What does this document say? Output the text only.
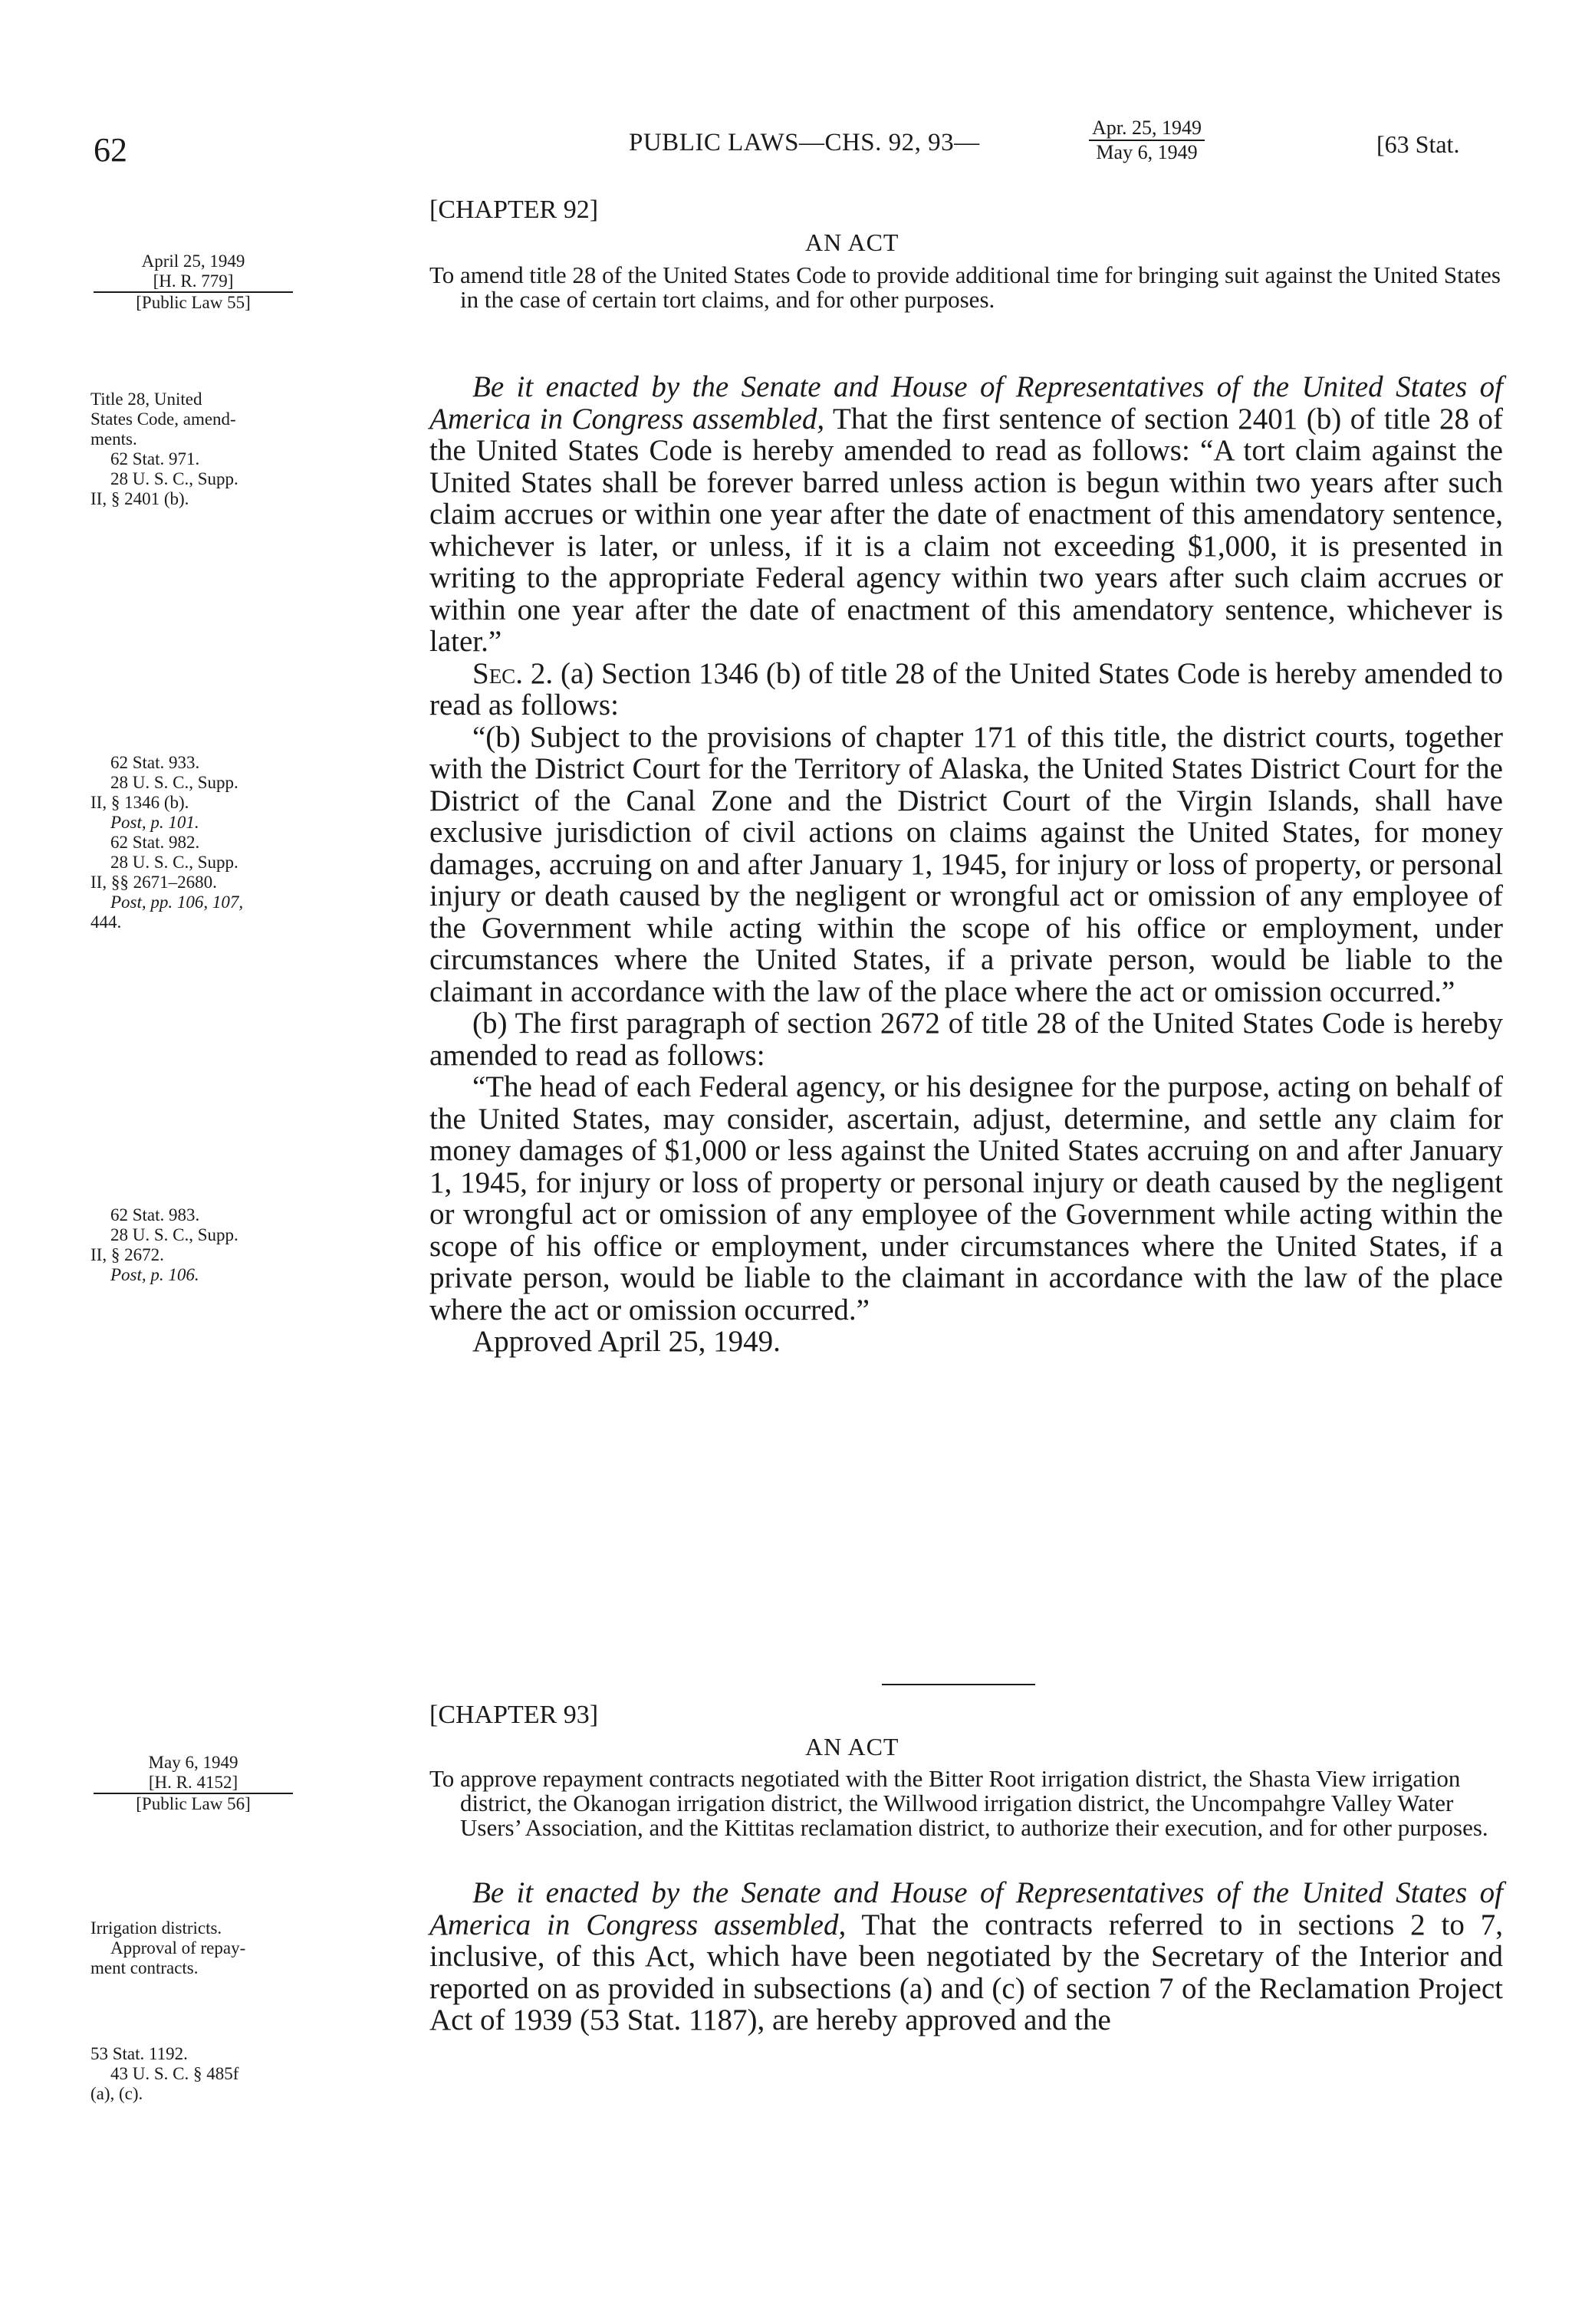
62	PUBLIC LAWS—CHS. 92, 93—
Apr. 25, 1949
May 6, 1949	[63 Stat.
[CHAPTER 92]
AN ACT
April 25, 1949
[H. R. 779]
[Public Law 55]
To amend title 28 of the United States Code to provide additional time for bringing suit against the United States in the case of certain tort claims, and for other purposes.

Title 28, United

States Code, amend-

ments.

62 Stat. 971.

28 U. S. C., Supp.

II, § 2401 (b).

Be it enacted by the Senate and House of Representatives of the United States of America in Congress assembled, That the first sentence of section 2401 (b) of title 28 of the United States Code is hereby amended to read as follows: “A tort claim against the United States shall be forever barred unless action is begun within two years after such claim accrues or within one year after the date of enactment of this amendatory sentence, whichever is later, or unless, if it is a claim not exceeding $1,000, it is presented in writing to the appropriate Federal agency within two years after such claim accrues or within one year after the date of enactment of this amendatory sentence, whichever is later.”

Sec. 2. (a) Section 1346 (b) of title 28 of the United States Code is hereby amended to read as follows:

“(b) Subject to the provisions of chapter 171 of this title, the district courts, together with the District Court for the Territory of Alaska, the United States District Court for the District of the Canal Zone and the District Court of the Virgin Islands, shall have exclusive jurisdiction of civil actions on claims against the United States, for money damages, accruing on and after January 1, 1945, for injury or loss of property, or personal injury or death caused by the negligent or wrongful act or omission of any employee of the Government while acting within the scope of his office or employment, under circumstances where the United States, if a private person, would be liable to the claimant in accordance with the law of the place where the act or omission occurred.”

(b) The first paragraph of section 2672 of title 28 of the United States Code is hereby amended to read as follows:

“The head of each Federal agency, or his designee for the purpose, acting on behalf of the United States, may consider, ascertain, adjust, determine, and settle any claim for money damages of $1,000 or less against the United States accruing on and after January 1, 1945, for injury or loss of property or personal injury or death caused by the negligent or wrongful act or omission of any employee of the Government while acting within the scope of his office or employment, under circumstances where the United States, if a private person, would be liable to the claimant in accordance with the law of the place where the act or omission occurred.”

Approved April 25, 1949.

62 Stat. 933.

28 U. S. C., Supp.

II, § 1346 (b).

Post, p. 101.

62 Stat. 982.

28 U. S. C., Supp.

II, §§ 2671–2680.

Post, pp. 106, 107,

444.

62 Stat. 983.

28 U. S. C., Supp.

II, § 2672.

Post, p. 106.

[CHAPTER 93]
AN ACT
May 6, 1949
[H. R. 4152]
[Public Law 56]
To approve repayment contracts negotiated with the Bitter Root irrigation district, the Shasta View irrigation district, the Okanogan irrigation district, the Willwood irrigation district, the Uncompahgre Valley Water Users’ Association, and the Kittitas reclamation district, to authorize their execution, and for other purposes.

Irrigation districts.

Approval of repay-

ment contracts.

Be it enacted by the Senate and House of Representatives of the United States of America in Congress assembled, That the contracts referred to in sections 2 to 7, inclusive, of this Act, which have been negotiated by the Secretary of the Interior and reported on as provided in subsections (a) and (c) of section 7 of the Reclamation Project Act of 1939 (53 Stat. 1187), are hereby approved and the

53 Stat. 1192.

43 U. S. C. § 485f

(a), (c).
